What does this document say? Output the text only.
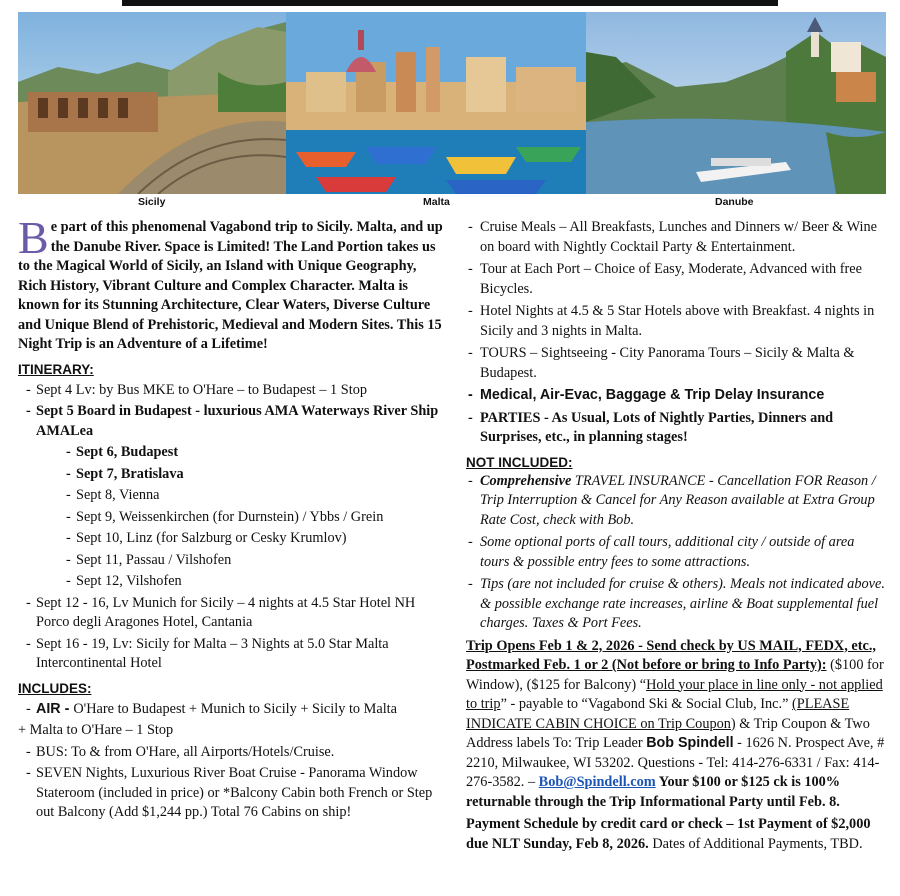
Sicily	Malta	Danube

Be part of this phenomenal Vagabond trip to Sicily. Malta, and up the Danube River. Space is Limited! The Land Portion takes us to the Magical World of Sicily, an Island with Unique Geography, Rich History, Vibrant Culture and Complex Character. Malta is known for its Stunning Architecture, Clear Waters, Diverse Culture and Unique Blend of Prehistoric, Medieval and Modern Sites. This 15 Night Trip is an Adventure of a Lifetime!

ITINERARY:
- Sept 4 Lv: by Bus MKE to O'Hare – to Budapest – 1 Stop
- Sept 5 Board in Budapest - luxurious AMA Waterways River Ship AMALea
- Sept 6, Budapest
- Sept 7, Bratislava
- Sept 8, Vienna
- Sept 9, Weissenkirchen (for Durnstein) / Ybbs / Grein
- Sept 10, Linz (for Salzburg or Cesky Krumlov)
- Sept 11, Passau / Vilshofen
- Sept 12, Vilshofen
- Sept 12 - 16, Lv Munich for Sicily – 4 nights at 4.5 Star Hotel NH Porco degli Aragones Hotel, Cantania
- Sept 16 - 19, Lv: Sicily for Malta – 3 Nights at 5.0 Star Malta Intercontinental Hotel
INCLUDES:
- AIR - O'Hare to Budapest + Munich to Sicily + Sicily to Malta
+ Malta to O'Hare – 1 Stop
- BUS: To & from O'Hare, all Airports/Hotels/Cruise.
- SEVEN Nights, Luxurious River Boat Cruise - Panorama Window Stateroom (included in price) or *Balcony Cabin both French or Step out Balcony (Add $1,244 pp.) Total 76 Cabins on ship!
- Cruise Meals – All Breakfasts, Lunches and Dinners w/ Beer & Wine on board with Nightly Cocktail Party & Entertainment.
- Tour at Each Port – Choice of Easy, Moderate, Advanced with free Bicycles.
- Hotel Nights at 4.5 & 5 Star Hotels above with Breakfast. 4 nights in Sicily and 3 nights in Malta.
- TOURS – Sightseeing - City Panorama Tours – Sicily & Malta & Budapest.
- Medical, Air-Evac, Baggage & Trip Delay Insurance
- PARTIES - As Usual, Lots of Nightly Parties, Dinners and Surprises, etc., in planning stages!
NOT INCLUDED:
- Comprehensive TRAVEL INSURANCE - Cancellation FOR Reason / Trip Interruption & Cancel for Any Reason available at Extra Group Rate Cost, check with Bob.
- Some optional ports of call tours, additional city / outside of area tours & possible entry fees to some attractions.
- Tips (are not included for cruise & others). Meals not indicated above. & possible exchange rate increases, airline & Boat supplemental fuel charges. Taxes & Port Fees.

Trip Opens Feb 1 & 2, 2026 - Send check by US MAIL, FEDX, etc., Postmarked Feb. 1 or 2 (Not before or bring to Info Party): ($100 for Window), ($125 for Balcony) “Hold your place in line only - not applied to trip” - payable to “Vagabond Ski & Social Club, Inc.” (PLEASE INDICATE CABIN CHOICE on Trip Coupon) & Trip Coupon & Two Address labels To: Trip Leader Bob Spindell - 1626 N. Prospect Ave, # 2210, Milwaukee, WI 53202. Questions - Tel: 414-276-6331 / Fax: 414-276-3582. – Bob@Spindell.com Your $100 or $125 ck is 100% returnable through the Trip Informational Party until Feb. 8.

Payment Schedule by credit card or check – 1st Payment of $2,000 due NLT Sunday, Feb 8, 2026. Dates of Additional Payments, TBD.
